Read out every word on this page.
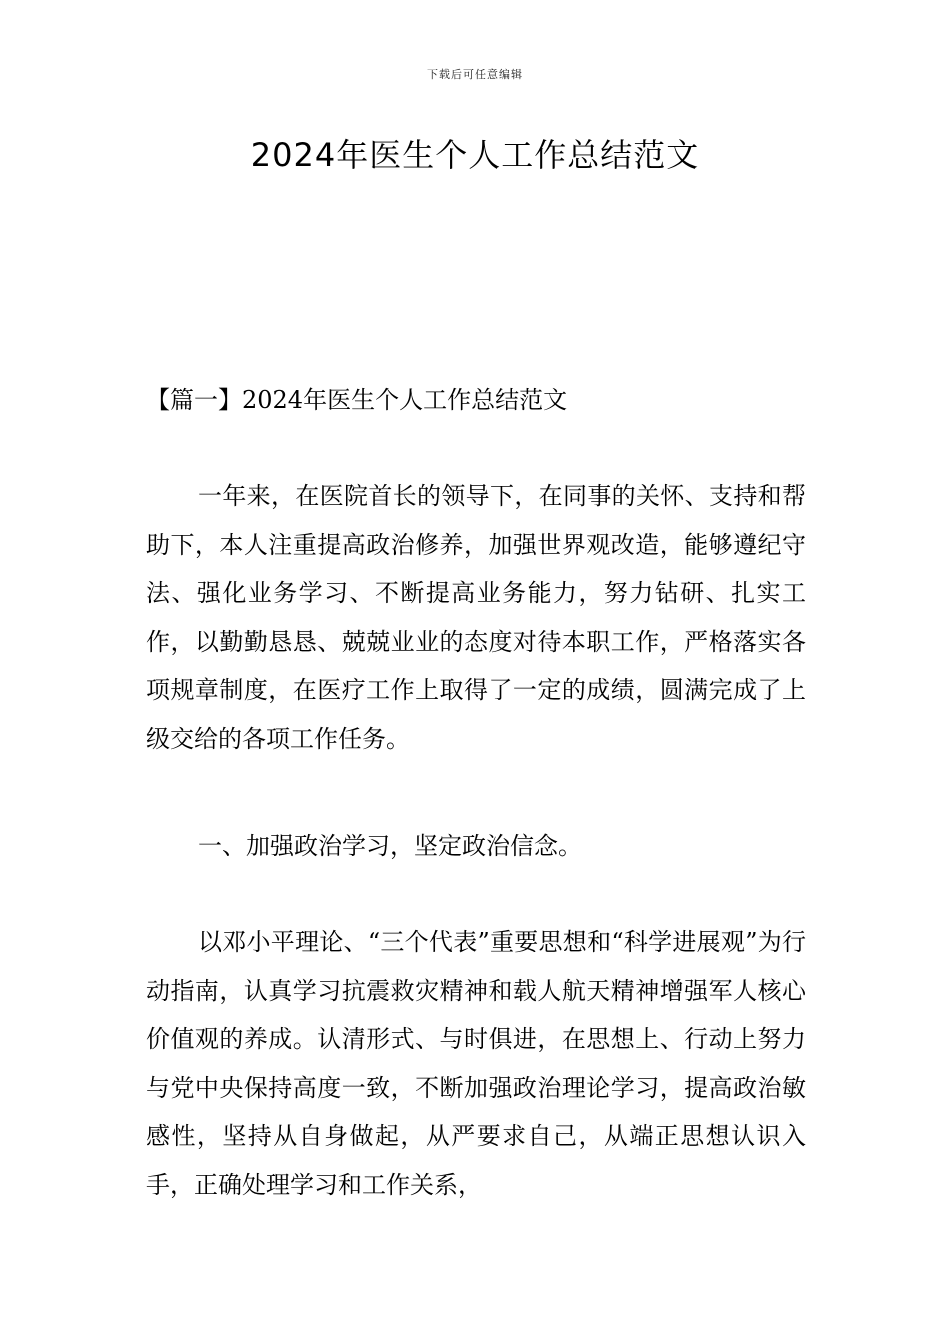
下载后可任意编辑
2024年医生个人工作总结范文

【篇一】2024年医生个人工作总结范文

一年来，在医院首长的领导下，在同事的关怀、支持和帮助下，本人注重提高政治修养，加强世界观改造，能够遵纪守法、强化业务学习、不断提高业务能力，努力钻研、扎实工作，以勤勤恳恳、兢兢业业的态度对待本职工作，严格落实各项规章制度，在医疗工作上取得了一定的成绩，圆满完成了上级交给的各项工作任务。

一、加强政治学习，坚定政治信念。

以邓小平理论、“三个代表”重要思想和“科学进展观”为行动指南，认真学习抗震救灾精神和载人航天精神增强军人核心价值观的养成。认清形式、与时俱进，在思想上、行动上努力与党中央保持高度一致，不断加强政治理论学习，提高政治敏感性，坚持从自身做起，从严要求自己，从端正思想认识入手，正确处理学习和工作关系，
